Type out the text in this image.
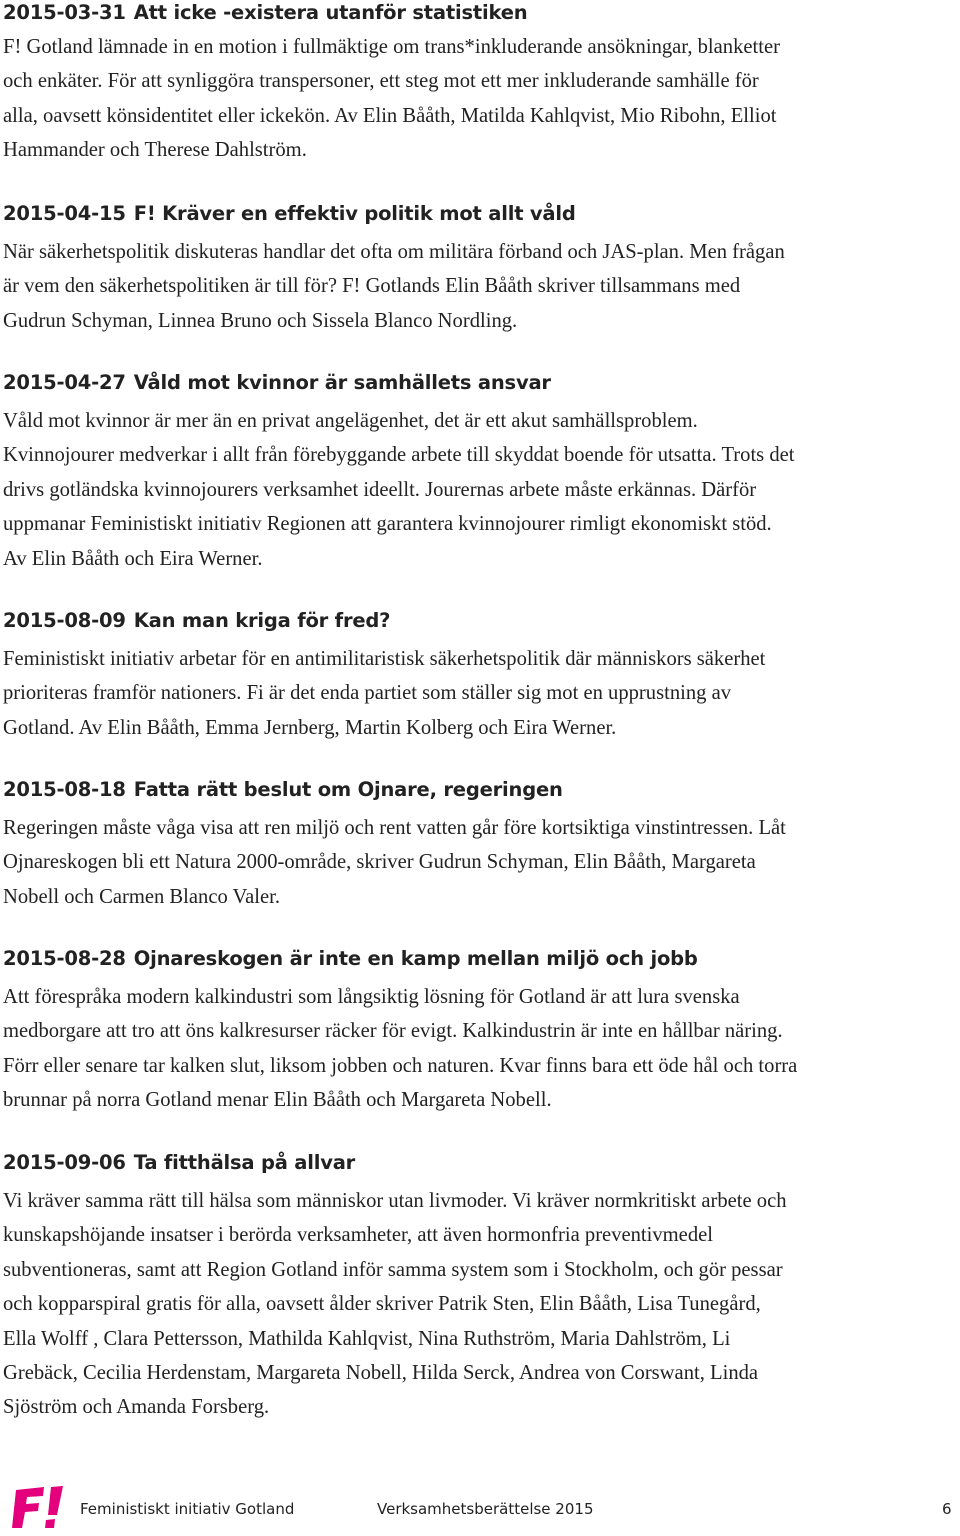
2015-03-31 Att icke -existera utanför statistiken
F! Gotland lämnade in en motion i fullmäktige om trans*inkluderande ansökningar, blanketter
och enkäter. För att synliggöra transpersoner, ett steg mot ett mer inkluderande samhälle för
alla, oavsett könsidentitet eller ickekön. Av Elin Bååth, Matilda Kahlqvist, Mio Ribohn, Elliot
Hammander och Therese Dahlström.
2015-04-15 F! Kräver en effektiv politik mot allt våld
När säkerhetspolitik diskuteras handlar det ofta om militära förband och JAS-plan. Men frågan
är vem den säkerhetspolitiken är till för? F! Gotlands Elin Bååth skriver tillsammans med
Gudrun Schyman, Linnea Bruno och Sissela Blanco Nordling.
2015-04-27 Våld mot kvinnor är samhällets ansvar
Våld mot kvinnor är mer än en privat angelägenhet, det är ett akut samhällsproblem.
Kvinnojourer medverkar i allt från förebyggande arbete till skyddat boende för utsatta. Trots det
drivs gotländska kvinnojourers verksamhet ideellt. Jourernas arbete måste erkännas. Därför
uppmanar Feministiskt initiativ Regionen att garantera kvinnojourer rimligt ekonomiskt stöd.
Av Elin Bååth och Eira Werner.
2015-08-09 Kan man kriga för fred?
Feministiskt initiativ arbetar för en antimilitaristisk säkerhetspolitik där människors säkerhet
prioriteras framför nationers. Fi är det enda partiet som ställer sig mot en upprustning av
Gotland. Av Elin Bååth, Emma Jernberg, Martin Kolberg och Eira Werner.
2015-08-18 Fatta rätt beslut om Ojnare, regeringen
Regeringen måste våga visa att ren miljö och rent vatten går före kortsiktiga vinstintressen. Låt
Ojnareskogen bli ett Natura 2000-område, skriver Gudrun Schyman, Elin Bååth, Margareta
Nobell och Carmen Blanco Valer.
2015-08-28 Ojnareskogen är inte en kamp mellan miljö och jobb
Att förespråka modern kalkindustri som långsiktig lösning för Gotland är att lura svenska
medborgare att tro att öns kalkresurser räcker för evigt. Kalkindustrin är inte en hållbar näring.
Förr eller senare tar kalken slut, liksom jobben och naturen. Kvar finns bara ett öde hål och torra
brunnar på norra Gotland menar Elin Bååth och Margareta Nobell.
2015-09-06 Ta fitthälsa på allvar
Vi kräver samma rätt till hälsa som människor utan livmoder. Vi kräver normkritiskt arbete och
kunskapshöjande insatser i berörda verksamheter, att även hormonfria preventivmedel
subventioneras, samt att Region Gotland inför samma system som i Stockholm, och gör pessar
och kopparspiral gratis för alla, oavsett ålder skriver Patrik Sten, Elin Bååth, Lisa Tunegård,
Ella Wolff , Clara Pettersson, Mathilda Kahlqvist, Nina Ruthström, Maria Dahlström, Li
Grebäck, Cecilia Herdenstam, Margareta Nobell, Hilda Serck, Andrea von Corswant, Linda
Sjöström och Amanda Forsberg.
Feministiskt initiativ Gotland	Verksamhetsberättelse 2015	6
